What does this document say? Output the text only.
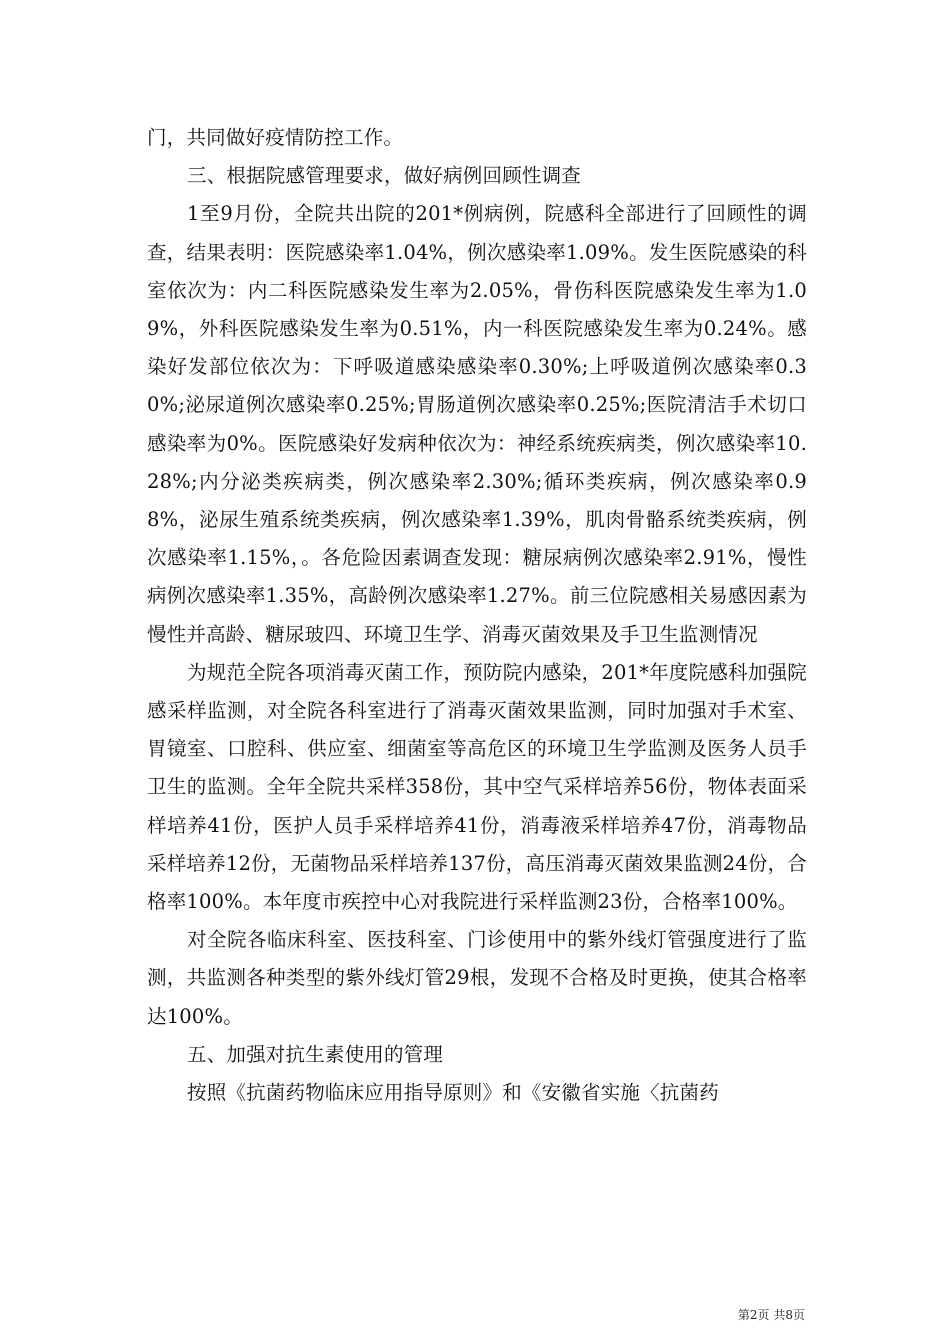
门，共同做好疫情防控工作。

三、根据院感管理要求，做好病例回顾性调查

1至9月份，全院共出院的201*例病例，院感科全部进行了回顾性的调查，结果表明：医院感染率1.04%，例次感染率1.09%。发生医院感染的科室依次为：内二科医院感染发生率为2.05%，骨伤科医院感染发生率为1.09%，外科医院感染发生率为0.51%，内一科医院感染发生率为0.24%。感染好发部位依次为：下呼吸道感染感染率0.30%;上呼吸道例次感染率0.30%;泌尿道例次感染率0.25%;胃肠道例次感染率0.25%;医院清洁手术切口感染率为0%。医院感染好发病种依次为：神经系统疾病类，例次感染率10.28%;内分泌类疾病类，例次感染率2.30%;循环类疾病，例次感染率0.98%，泌尿生殖系统类疾病，例次感染率1.39%，肌肉骨骼系统类疾病，例次感染率1.15%，。各危险因素调查发现：糖尿病例次感染率2.91%，慢性病例次感染率1.35%，高龄例次感染率1.27%。前三位院感相关易感因素为慢性并高龄、糖尿玻四、环境卫生学、消毒灭菌效果及手卫生监测情况

为规范全院各项消毒灭菌工作，预防院内感染，201*年度院感科加强院感采样监测，对全院各科室进行了消毒灭菌效果监测，同时加强对手术室、胃镜室、口腔科、供应室、细菌室等高危区的环境卫生学监测及医务人员手卫生的监测。全年全院共采样358份，其中空气采样培养56份，物体表面采样培养41份，医护人员手采样培养41份，消毒液采样培养47份，消毒物品采样培养12份，无菌物品采样培养137份，高压消毒灭菌效果监测24份，合格率100%。本年度市疾控中心对我院进行采样监测23份，合格率100%。

对全院各临床科室、医技科室、门诊使用中的紫外线灯管强度进行了监测，共监测各种类型的紫外线灯管29根，发现不合格及时更换，使其合格率达100%。

五、加强对抗生素使用的管理

按照《抗菌药物临床应用指导原则》和《安徽省实施〈抗菌药

第2页 共8页
